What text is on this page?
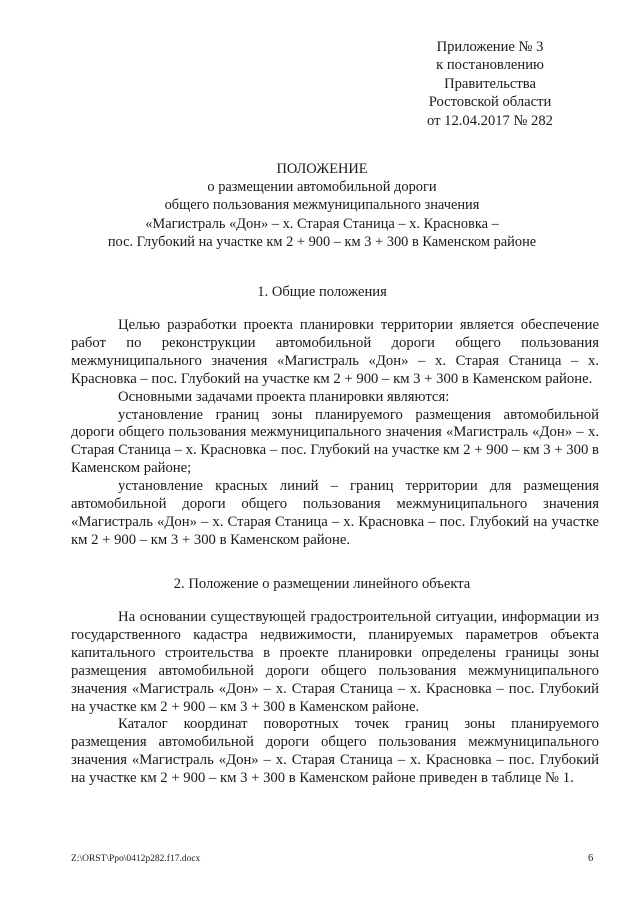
Приложение № 3
к постановлению
Правительства
Ростовской области
от 12.04.2017 № 282
ПОЛОЖЕНИЕ
о размещении автомобильной дороги
общего пользования межмуниципального значения
«Магистраль «Дон» – х. Старая Станица – х. Красновка –
пос. Глубокий на участке км 2 + 900 – км 3 + 300 в Каменском районе
1. Общие положения

Целью разработки проекта планировки территории является обеспечение работ по реконструкции автомобильной дороги общего пользования межмуниципального значения «Магистраль «Дон» – х. Старая Станица – х. Красновка – пос. Глубокий на участке км 2 + 900 – км 3 + 300 в Каменском районе.

Основными задачами проекта планировки являются:

установление границ зоны планируемого размещения автомобильной дороги общего пользования межмуниципального значения «Магистраль «Дон» – х. Старая Станица – х. Красновка – пос. Глубокий на участке км 2 + 900 – км 3 + 300 в Каменском районе;

установление красных линий – границ территории для размещения автомобильной дороги общего пользования межмуниципального значения «Магистраль «Дон» – х. Старая Станица – х. Красновка – пос. Глубокий на участке км 2 + 900 – км 3 + 300 в Каменском районе.

2. Положение о размещении линейного объекта

На основании существующей градостроительной ситуации, информации из государственного кадастра недвижимости, планируемых параметров объекта капитального строительства в проекте планировки определены границы зоны размещения автомобильной дороги общего пользования межмуниципального значения «Магистраль «Дон» – х. Старая Станица – х. Красновка – пос. Глубокий на участке км 2 + 900 – км 3 + 300 в Каменском районе.

Каталог координат поворотных точек границ зоны планируемого размещения автомобильной дороги общего пользования межмуниципального значения «Магистраль «Дон» – х. Старая Станица – х. Красновка – пос. Глубокий на участке км 2 + 900 – км 3 + 300 в Каменском районе приведен в таблице № 1.

Z:\ORST\Ppo\0412p282.f17.docx	6
